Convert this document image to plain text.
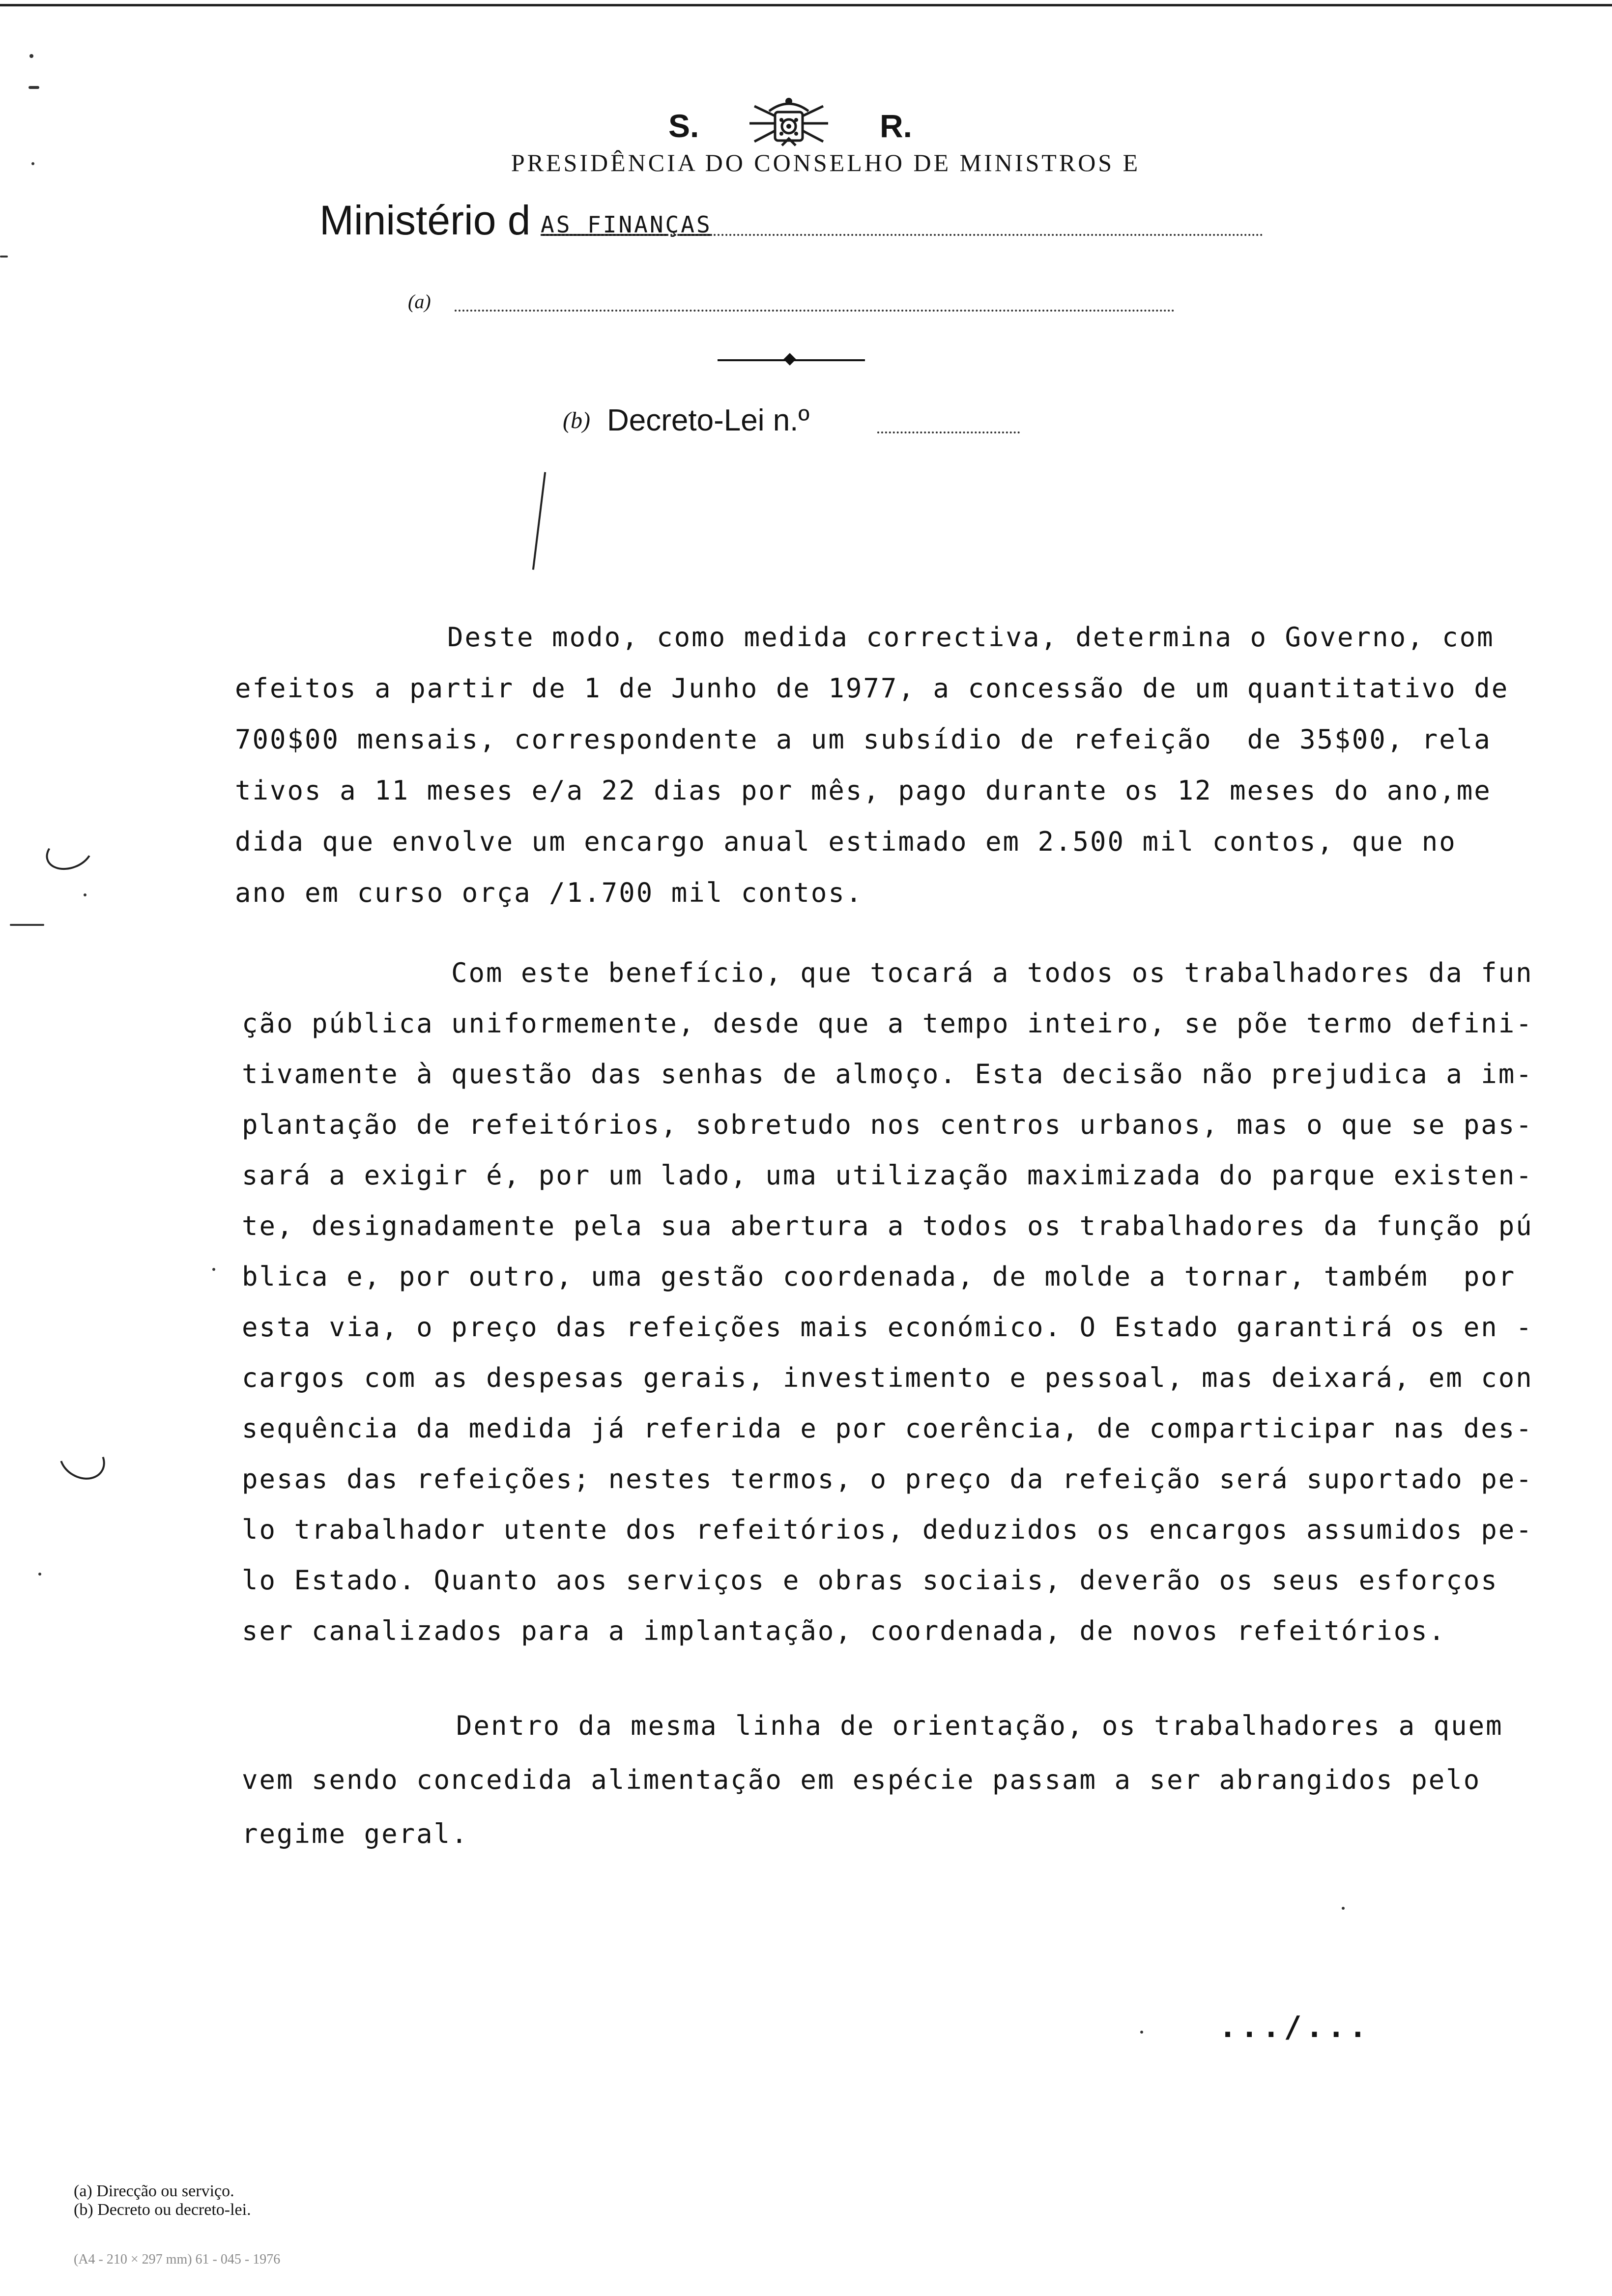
S.	R.
PRESIDÊNCIA DO CONSELHO DE MINISTROS E
Ministério d AS FINANÇAS
(a)
(b) Decreto-Lei n.º
Deste modo, como medida correctiva, determina o Governo, com
efeitos a partir de 1 de Junho de 1977, a concessão de um quantitativo de
700$00 mensais, correspondente a um subsídio de refeição  de 35$00, rela
tivos a 11 meses e/a 22 dias por mês, pago durante os 12 meses do ano,me
dida que envolve um encargo anual estimado em 2.500 mil contos, que no
ano em curso orça /1.700 mil contos.
Com este benefício, que tocará a todos os trabalhadores da fun
ção pública uniformemente, desde que a tempo inteiro, se põe termo defini-
tivamente à questão das senhas de almoço. Esta decisão não prejudica a im-
plantação de refeitórios, sobretudo nos centros urbanos, mas o que se pas-
sará a exigir é, por um lado, uma utilização maximizada do parque existen-
te, designadamente pela sua abertura a todos os trabalhadores da função pú
blica e, por outro, uma gestão coordenada, de molde a tornar, também  por
esta via, o preço das refeições mais económico. O Estado garantirá os en -
cargos com as despesas gerais, investimento e pessoal, mas deixará, em con
sequência da medida já referida e por coerência, de comparticipar nas des-
pesas das refeições; nestes termos, o preço da refeição será suportado pe-
lo trabalhador utente dos refeitórios, deduzidos os encargos assumidos pe-
lo Estado. Quanto aos serviços e obras sociais, deverão os seus esforços
ser canalizados para a implantação, coordenada, de novos refeitórios.
Dentro da mesma linha de orientação, os trabalhadores a quem
vem sendo concedida alimentação em espécie passam a ser abrangidos pelo
regime geral.
.../...
(a) Direcção ou serviço.
(b) Decreto ou decreto-lei.
(A4 - 210 × 297 mm) 61 - 045 - 1976
